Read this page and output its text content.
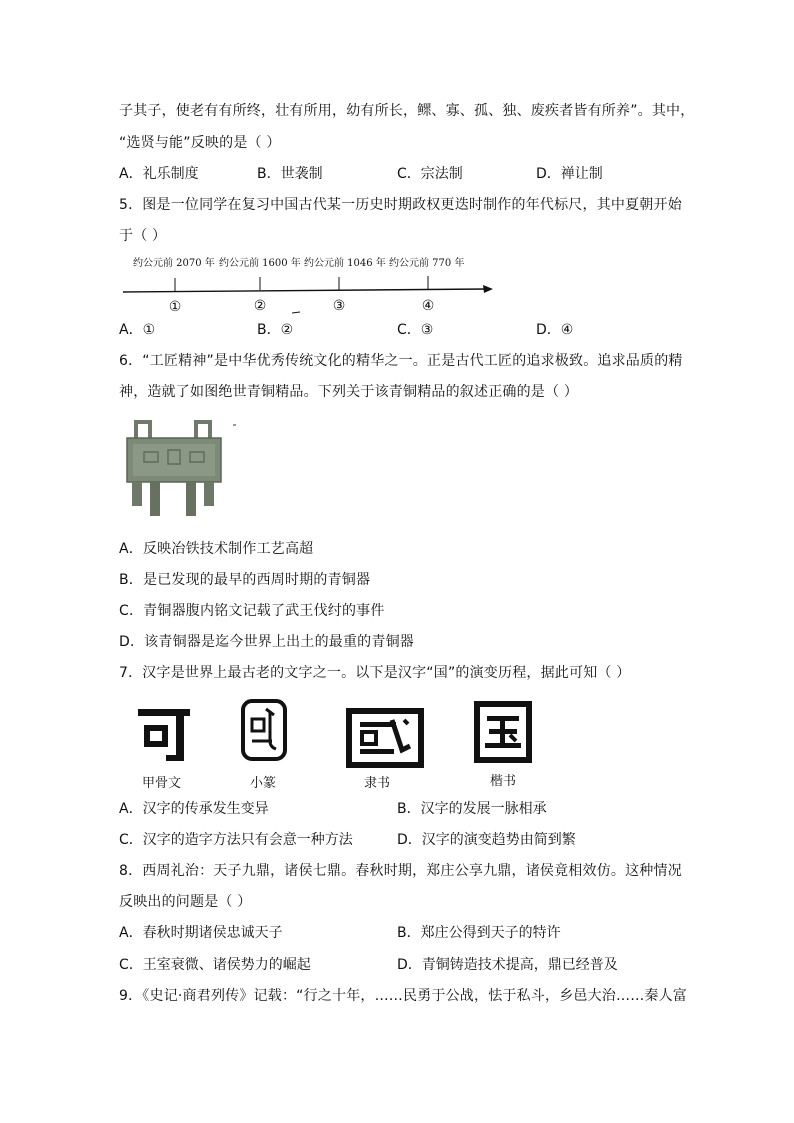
子其子，使老有有所终，壮有所用，幼有所长，鳏、寡、孤、独、废疾者皆有所养”。其中，
“选贤与能”反映的是（ ）
A．礼乐制度	B．世袭制	C．宗法制	D．禅让制
5．图是一位同学在复习中国古代某一历史时期政权更迭时制作的年代标尺，其中夏朝开始
于（ ）
约公元前 2070 年 约公元前 1600 年 约公元前 1046 年 约公元前 770 年
①	②	③	④
A．①	B．②	C．③	D．④
6．“工匠精神”是中华优秀传统文化的精华之一。正是古代工匠的追求极致。追求品质的精
神，造就了如图绝世青铜精品。下列关于该青铜精品的叙述正确的是（ ）
A．反映冶铁技术制作工艺高超
B．是已发现的最早的西周时期的青铜器
C．青铜器腹内铭文记载了武王伐纣的事件
D．该青铜器是迄今世界上出土的最重的青铜器
7．汉字是世界上最古老的文字之一。以下是汉字“国”的演变历程，据此可知（ ）
甲骨文	小篆	隶书	楷书
A．汉字的传承发生变异	B．汉字的发展一脉相承
C．汉字的造字方法只有会意一种方法	D．汉字的演变趋势由简到繁
8．西周礼治：天子九鼎，诸侯七鼎。春秋时期，郑庄公享九鼎，诸侯竟相效仿。这种情况
反映出的问题是（ ）
A．春秋时期诸侯忠诚天子	B．郑庄公得到天子的特许
C．王室衰微、诸侯势力的崛起	D．青铜铸造技术提高，鼎已经普及
9．《史记·商君列传》记载：“行之十年，……民勇于公战，怯于私斗，乡邑大治……秦人富
